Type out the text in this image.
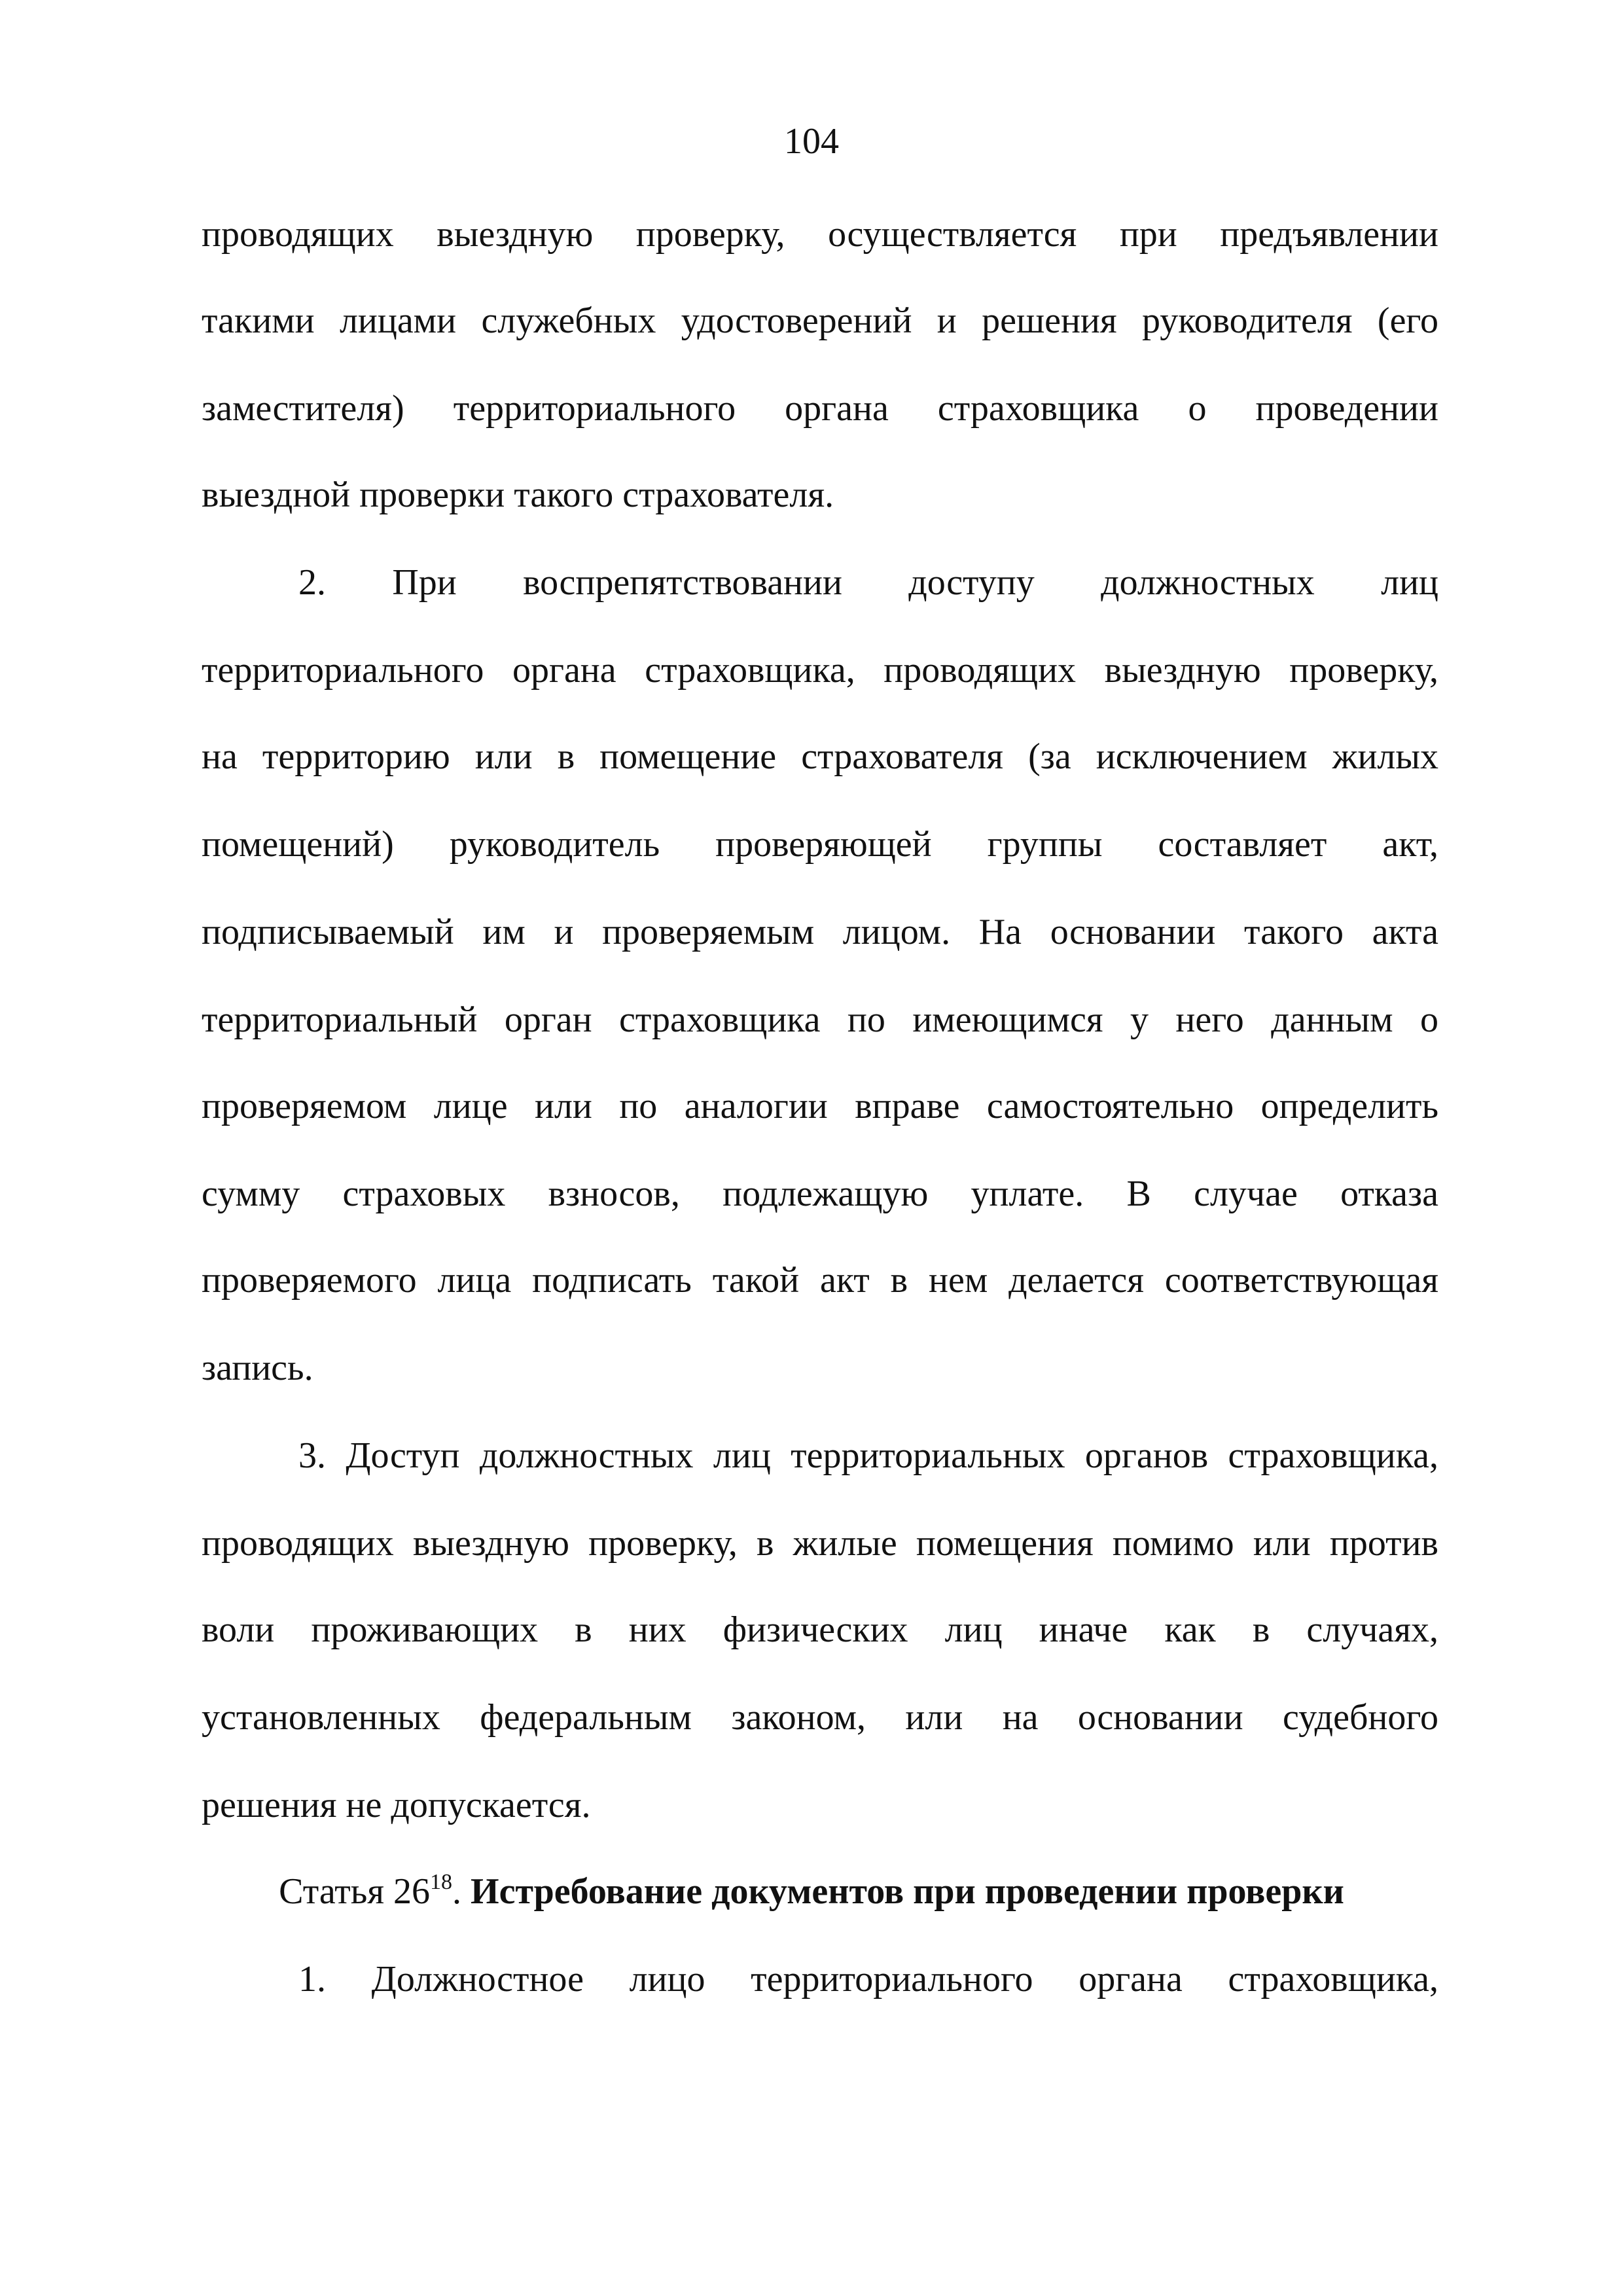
104
проводящих выездную проверку, осуществляется при предъявлении
такими лицами служебных удостоверений и решения руководителя (его
заместителя) территориального органа страховщика о проведении
выездной проверки такого страхователя.
2. При воспрепятствовании доступу должностных лиц
территориального органа страховщика, проводящих выездную проверку,
на территорию или в помещение страхователя (за исключением жилых
помещений) руководитель проверяющей группы составляет акт,
подписываемый им и проверяемым лицом. На основании такого акта
территориальный орган страховщика по имеющимся у него данным о
проверяемом лице или по аналогии вправе самостоятельно определить
сумму страховых взносов, подлежащую уплате. В случае отказа
проверяемого лица подписать такой акт в нем делается соответствующая
запись.
3. Доступ должностных лиц территориальных органов страховщика,
проводящих выездную проверку, в жилые помещения помимо или против
воли проживающих в них физических лиц иначе как в случаях,
установленных федеральным законом, или на основании судебного
решения не допускается.
Статья $26^{18}$. Истребование документов при проведении проверки
1. Должностное лицо территориального органа страховщика,
